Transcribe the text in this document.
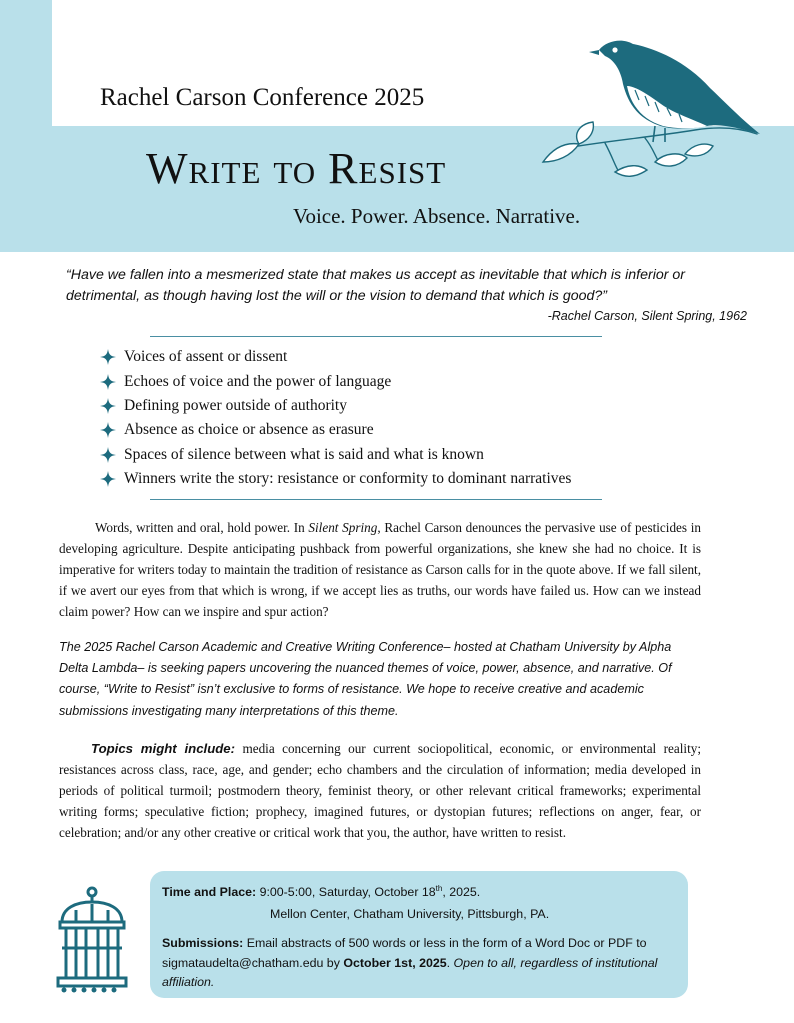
Rachel Carson Conference 2025
Write to Resist
Voice. Power. Absence. Narrative.
“Have we fallen into a mesmerized state that makes us accept as inevitable that which is inferior or detrimental, as though having lost the will or the vision to demand that which is good?”
-Rachel Carson, Silent Spring, 1962
Voices of assent or dissent
Echoes of voice and the power of language
Defining power outside of authority
Absence as choice or absence as erasure
Spaces of silence between what is said and what is known
Winners write the story: resistance or conformity to dominant narratives
Words, written and oral, hold power. In Silent Spring, Rachel Carson denounces the pervasive use of pesticides in developing agriculture. Despite anticipating pushback from powerful organizations, she knew she had no choice. It is imperative for writers today to maintain the tradition of resistance as Carson calls for in the quote above. If we fall silent, if we avert our eyes from that which is wrong, if we accept lies as truths, our words have failed us. How can we instead claim power? How can we inspire and spur action?
The 2025 Rachel Carson Academic and Creative Writing Conference– hosted at Chatham University by Alpha Delta Lambda– is seeking papers uncovering the nuanced themes of voice, power, absence, and narrative. Of course, “Write to Resist” isn’t exclusive to forms of resistance. We hope to receive creative and academic submissions investigating many interpretations of this theme.
Topics might include: media concerning our current sociopolitical, economic, or environmental reality; resistances across class, race, age, and gender; echo chambers and the circulation of information; media developed in periods of political turmoil; postmodern theory, feminist theory, or other relevant critical frameworks; experimental writing forms; speculative fiction; prophecy, imagined futures, or dystopian futures; reflections on anger, fear, or celebration; and/or any other creative or critical work that you, the author, have written to resist.
Time and Place: 9:00-5:00, Saturday, October 18th, 2025.
Mellon Center, Chatham University, Pittsburgh, PA.
Submissions: Email abstracts of 500 words or less in the form of a Word Doc or PDF to sigmataudelta@chatham.edu by October 1st, 2025. Open to all, regardless of institutional affiliation.
